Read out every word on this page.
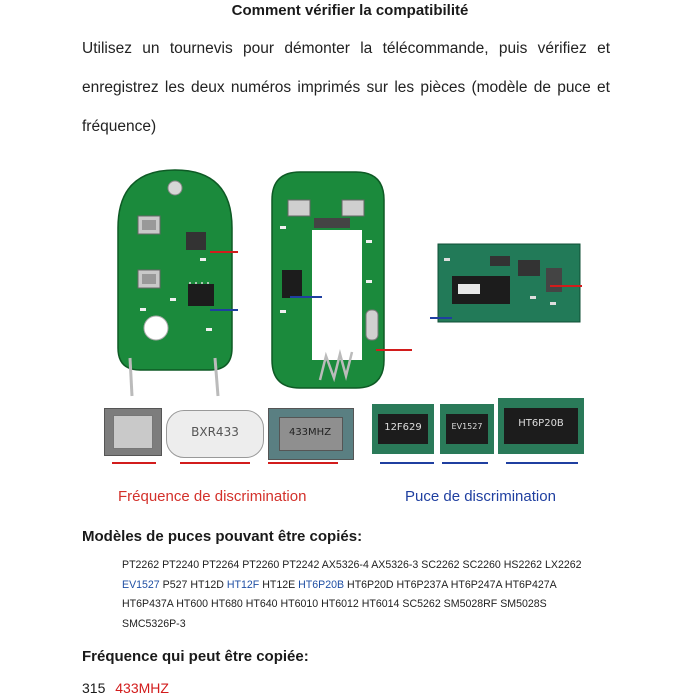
Comment vérifier la compatibilité
Utilisez un tournevis pour démonter la télécommande, puis vérifiez et
enregistrez les deux numéros imprimés sur les pièces (modèle de puce et
fréquence)
BXR433	433MHZ	12F629	EV1527	HT6P20B
Fréquence de discrimination	Puce de discrimination
Modèles de puces pouvant être copiés:
PT2262 PT2240 PT2264 PT2260 PT2242 AX5326-4 AX5326-3 SC2262 SC2260 HS2262 LX2262
EV1527 P527 HT12D HT12F HT12E HT6P20B HT6P20D HT6P237A HT6P247A HT6P427A
HT6P437A HT600 HT680 HT640 HT6010 HT6012 HT6014 SC5262 SM5028RF SM5028S
SMC5326P-3
Fréquence qui peut être copiée:
315 433MHZ
